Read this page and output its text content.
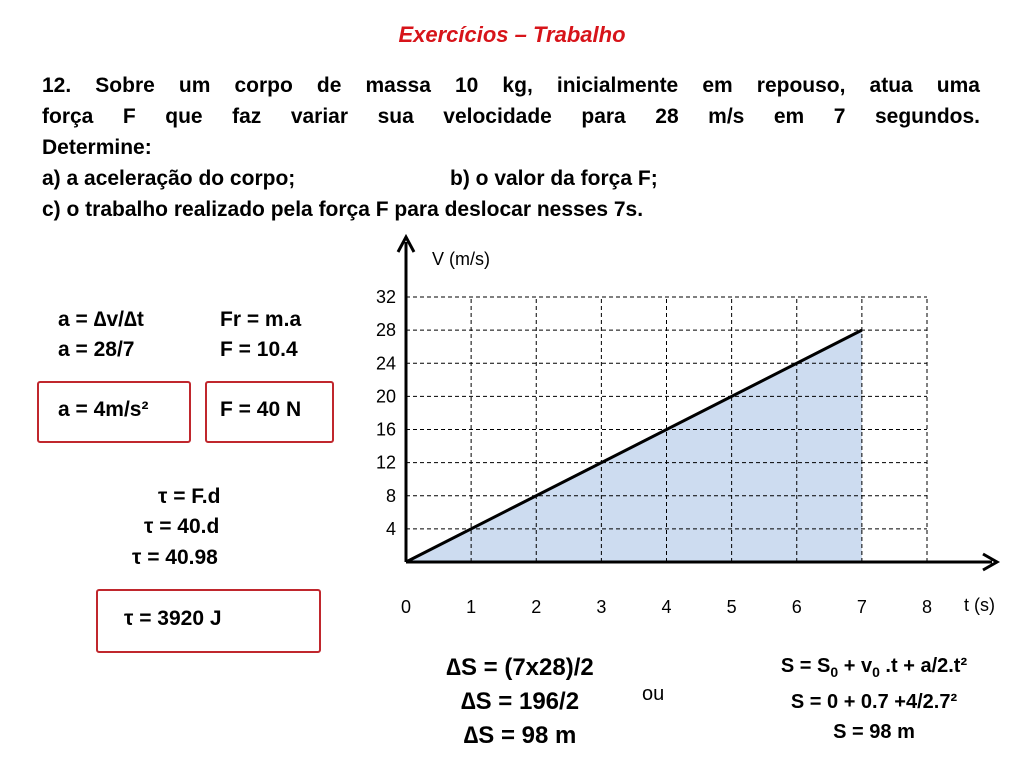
Exercícios – Trabalho
12. Sobre um corpo de massa 10 kg, inicialmente em repouso, atua uma
força F que faz variar sua velocidade para 28 m/s em 7 segundos.
Determine:
a) a aceleração do corpo;	b) o valor da força F;
c) o trabalho realizado pela força F para deslocar nesses 7s.
a = ∆v/∆t
a = 28/7
Fr = m.a
F = 10.4
a = 4m/s²	F = 40 N
τ = F.d
τ = 40.d
τ = 40.98
τ = 3920 J
4
8
12
16
20
24
28
32
0	1	2	3	4	5	6	7	8
V (m/s)
t (s)
∆S = (7x28)/2
∆S = 196/2
∆S = 98 m
ou
$S = S_0 + v_0$ .t + a/2.t²
S = 0 + 0.7 +4/2.7²
S = 98 m
